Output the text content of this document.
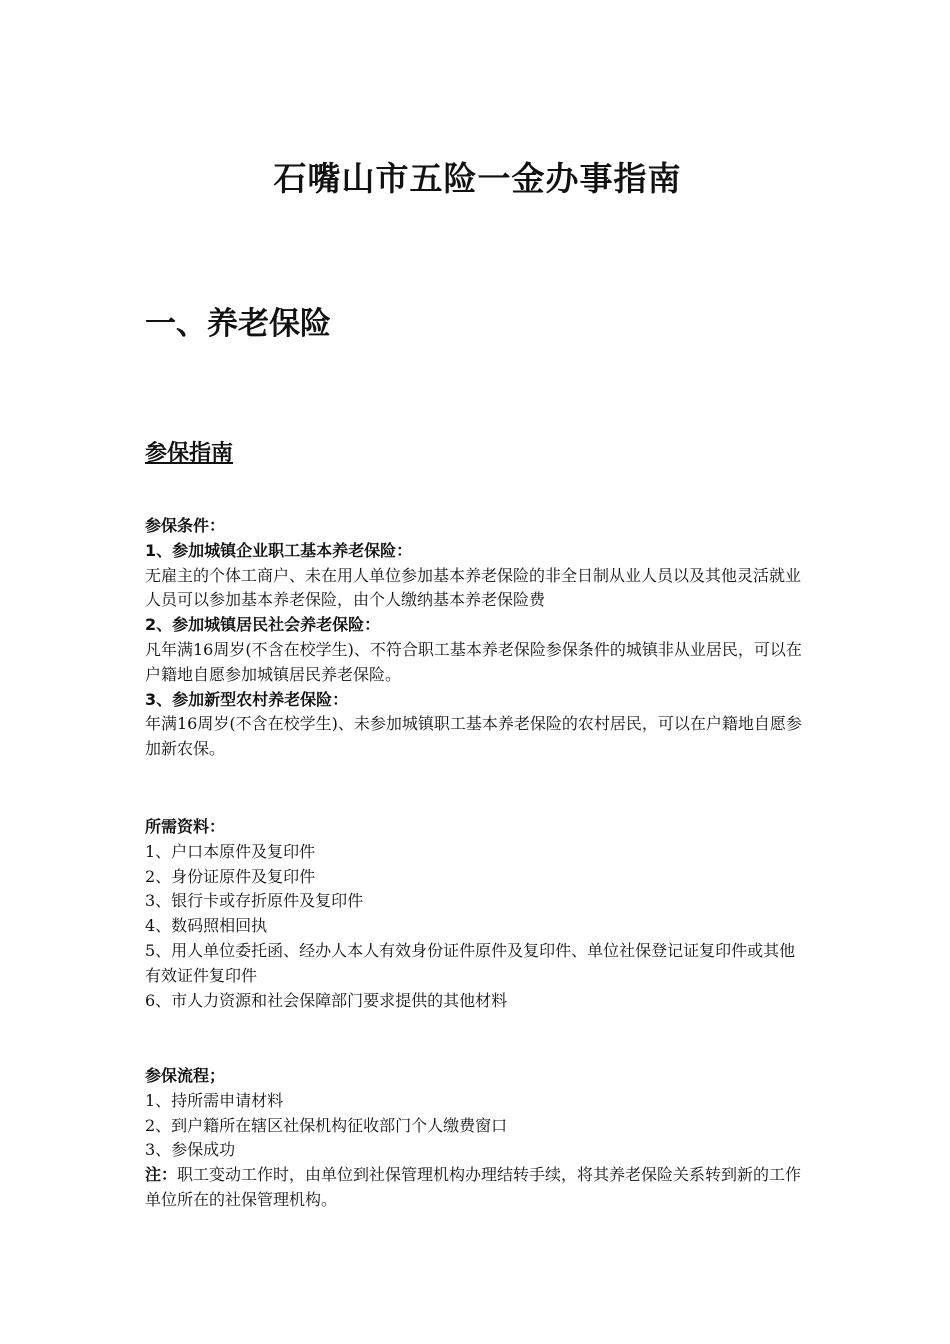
石嘴山市五险一金办事指南
一、养老保险
参保指南

参保条件：

1、参加城镇企业职工基本养老保险：

无雇主的个体工商户、未在用人单位参加基本养老保险的非全日制从业人员以及其他灵活就业人员可以参加基本养老保险，由个人缴纳基本养老保险费

2、参加城镇居民社会养老保险：

凡年满16周岁(不含在校学生)、不符合职工基本养老保险参保条件的城镇非从业居民，可以在户籍地自愿参加城镇居民养老保险。

3、参加新型农村养老保险：

年满16周岁(不含在校学生)、未参加城镇职工基本养老保险的农村居民，可以在户籍地自愿参加新农保。

所需资料：

1、户口本原件及复印件

2、身份证原件及复印件

3、银行卡或存折原件及复印件

4、数码照相回执

5、用人单位委托函、经办人本人有效身份证件原件及复印件、单位社保登记证复印件或其他有效证件复印件

6、市人力资源和社会保障部门要求提供的其他材料

参保流程；

1、持所需申请材料

2、到户籍所在辖区社保机构征收部门个人缴费窗口

3、参保成功

注：职工变动工作时，由单位到社保管理机构办理结转手续，将其养老保险关系转到新的工作单位所在的社保管理机构。
